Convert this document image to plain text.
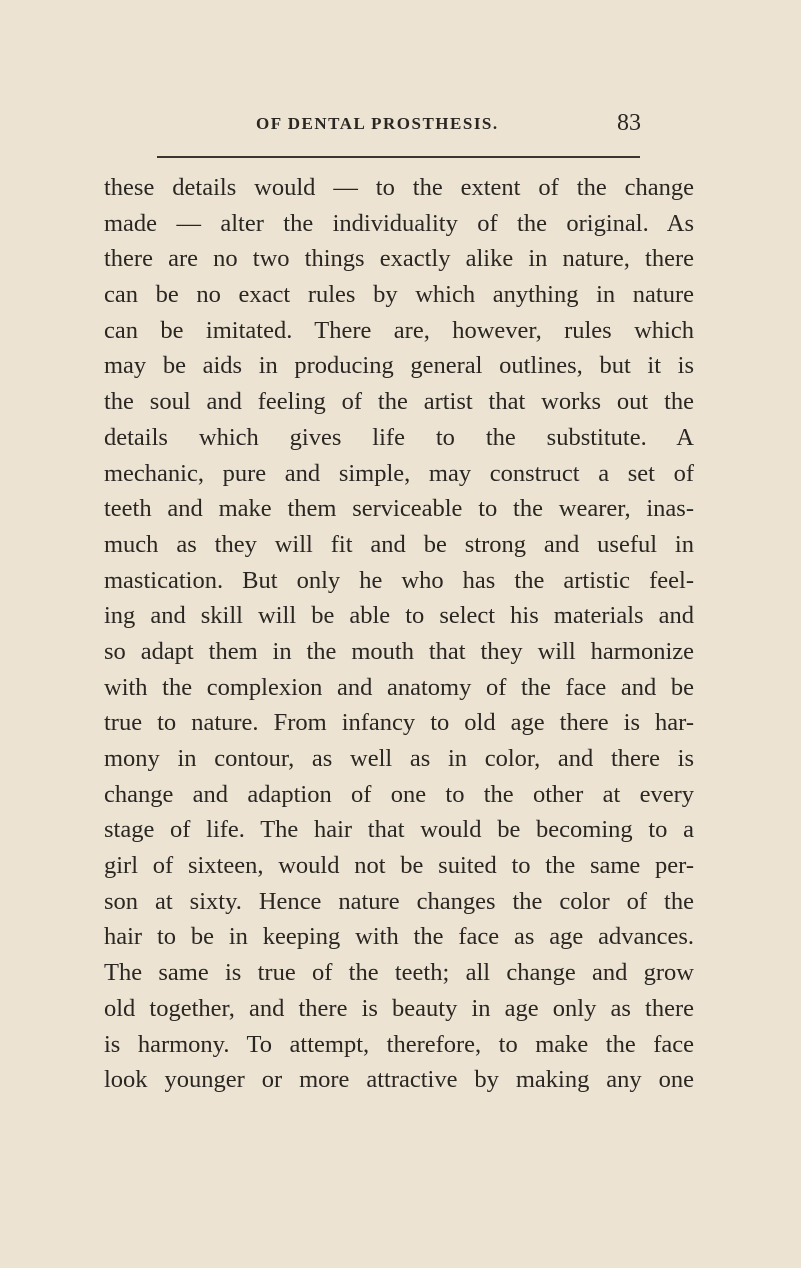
OF DENTAL PROSTHESIS.	83
these details would — to the extent of the change
made — alter the individuality of the original. As
there are no two things exactly alike in nature, there
can be no exact rules by which anything in nature
can be imitated. There are, however, rules which
may be aids in producing general outlines, but it is
the soul and feeling of the artist that works out the
details which gives life to the substitute. A
mechanic, pure and simple, may construct a set of
teeth and make them serviceable to the wearer, inas-
much as they will fit and be strong and useful in
mastication. But only he who has the artistic feel-
ing and skill will be able to select his materials and
so adapt them in the mouth that they will harmonize
with the complexion and anatomy of the face and be
true to nature. From infancy to old age there is har-
mony in contour, as well as in color, and there is
change and adaption of one to the other at every
stage of life. The hair that would be becoming to a
girl of sixteen, would not be suited to the same per-
son at sixty. Hence nature changes the color of the
hair to be in keeping with the face as age advances.
The same is true of the teeth; all change and grow
old together, and there is beauty in age only as there
is harmony. To attempt, therefore, to make the face
look younger or more attractive by making any one
